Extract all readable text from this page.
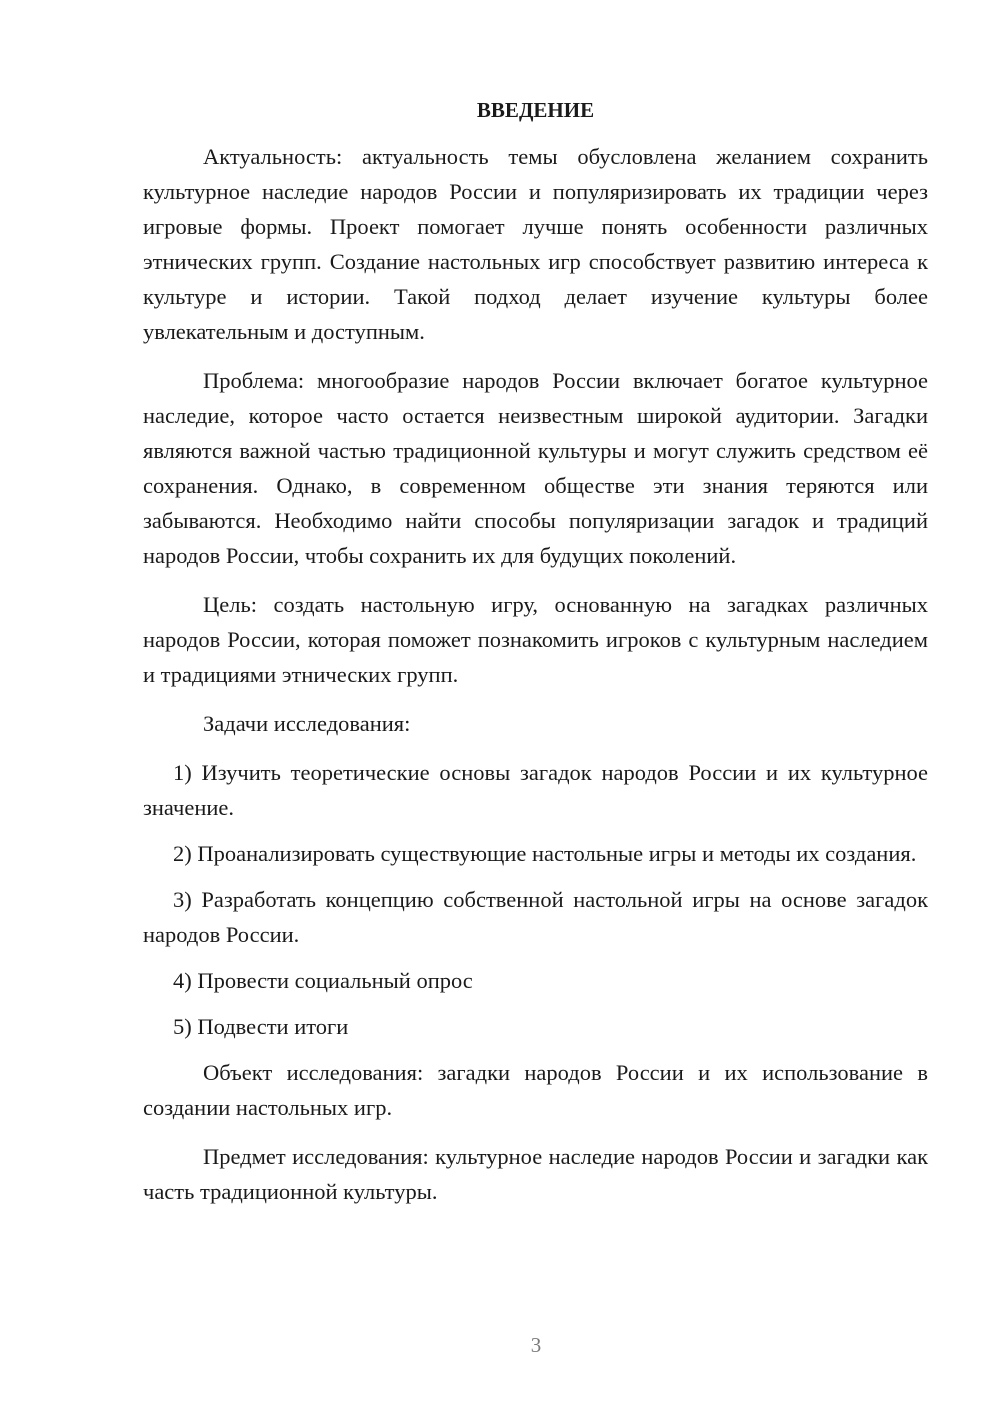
ВВЕДЕНИЕ

Актуальность: актуальность темы обусловлена желанием сохранить культурное наследие народов России и популяризировать их традиции через игровые формы. Проект помогает лучше понять особенности различных этнических групп. Создание настольных игр способствует развитию интереса к культуре и истории. Такой подход делает изучение культуры более увлекательным и доступным.

Проблема: многообразие народов России включает богатое культурное наследие, которое часто остается неизвестным широкой аудитории. Загадки являются важной частью традиционной культуры и могут служить средством её сохранения. Однако, в современном обществе эти знания теряются или забываются. Необходимо найти способы популяризации загадок и традиций народов России, чтобы сохранить их для будущих поколений.

Цель: создать настольную игру, основанную на загадках различных народов России, которая поможет познакомить игроков с культурным наследием и традициями этнических групп.

Задачи исследования:

1) Изучить теоретические основы загадок народов России и их культурное значение.

2) Проанализировать существующие настольные игры и методы их создания.

3) Разработать концепцию собственной настольной игры на основе загадок народов России.

4) Провести социальный опрос

5) Подвести итоги

Объект исследования: загадки народов России и их использование в создании настольных игр.

Предмет исследования: культурное наследие народов России и загадки как часть традиционной культуры.

3
